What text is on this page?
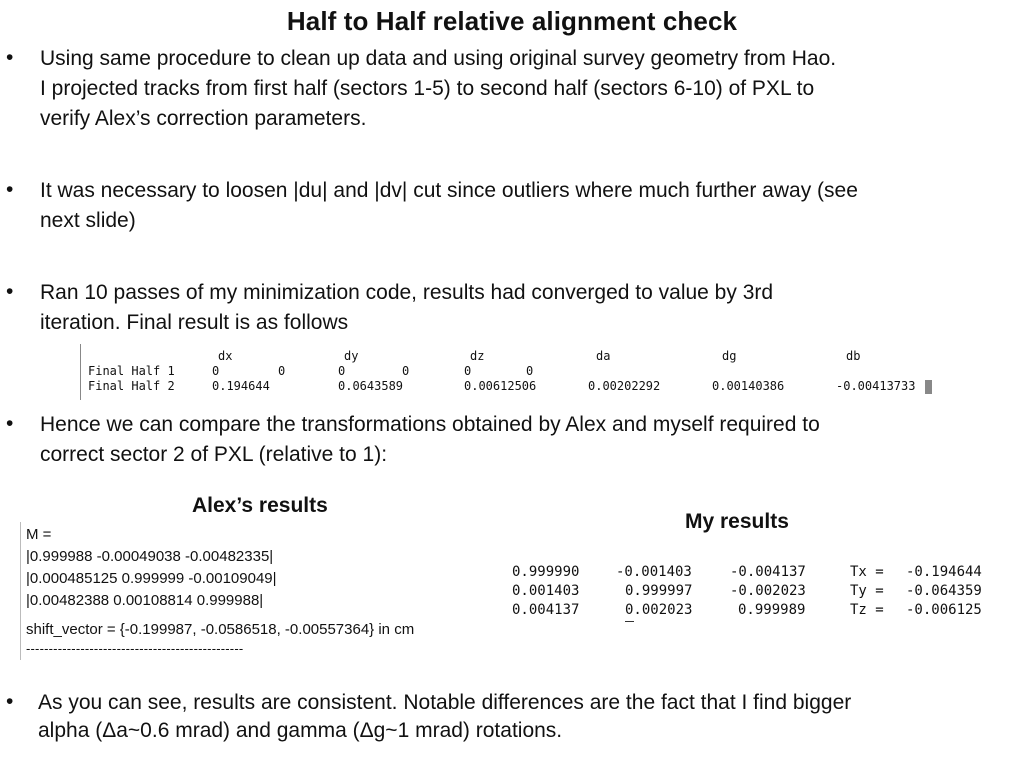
Half to Half relative alignment check
• Using same procedure to clean up data and using original survey geometry from Hao.
I projected tracks from first half (sectors 1-5) to second half (sectors 6-10) of PXL to
verify Alex’s correction parameters.
• It was necessary to loosen |du| and |dv| cut since outliers where much further away (see
next slide)
• Ran 10 passes of my minimization code, results had converged to value by 3rd
iteration. Final result is as follows
dx	dy	dz	da	dg	db
Final Half 1	0	0	0	0	0	0
Final Half 2	0.194644	0.0643589	0.00612506	0.00202292	0.00140386	-0.00413733
• Hence we can compare the transformations obtained by Alex and myself required to
correct sector 2 of PXL (relative to 1):
Alex’s results
M =
|0.999988 -0.00049038 -0.00482335|
|0.000485125 0.999999 -0.00109049|
|0.00482388 0.00108814 0.999988|
shift_vector = {-0.199987, -0.0586518, -0.00557364} in cm
------------------------------------------------
My results
0.999990	-0.001403	-0.004137	Tx = -0.194644
0.001403	0.999997	-0.002023	Ty = -0.064359
0.004137	0.002023	0.999989	Tz = -0.006125
• As you can see, results are consistent. Notable differences are the fact that I find bigger
alpha (Δa~0.6 mrad) and gamma (Δg~1 mrad) rotations.
